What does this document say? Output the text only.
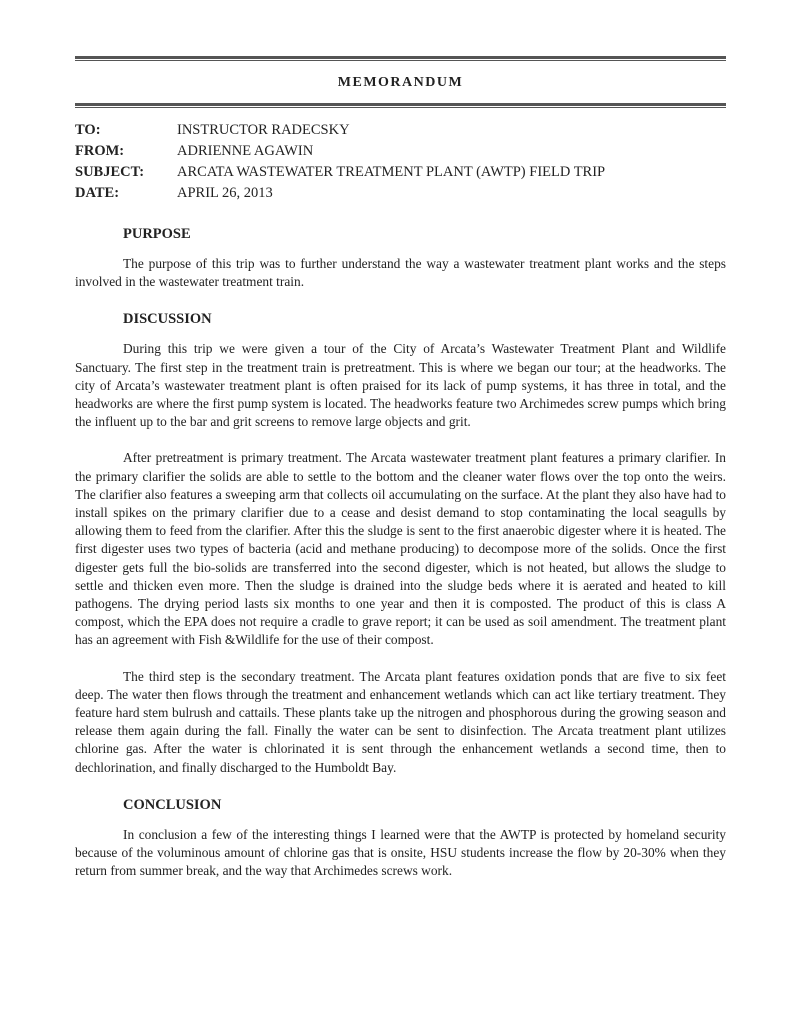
MEMORANDUM
TO:	INSTRUCTOR RADECSKY
FROM:	ADRIENNE AGAWIN
SUBJECT:	ARCATA WASTEWATER TREATMENT PLANT (AWTP) FIELD TRIP
DATE:	APRIL 26, 2013
PURPOSE

The purpose of this trip was to further understand the way a wastewater treatment plant works and the steps involved in the wastewater treatment train.

DISCUSSION

During this trip we were given a tour of the City of Arcata’s Wastewater Treatment Plant and Wildlife Sanctuary. The first step in the treatment train is pretreatment. This is where we began our tour; at the headworks. The city of Arcata’s wastewater treatment plant is often praised for its lack of pump systems, it has three in total, and the headworks are where the first pump system is located. The headworks feature two Archimedes screw pumps which bring the influent up to the bar and grit screens to remove large objects and grit.

After pretreatment is primary treatment. The Arcata wastewater treatment plant features a primary clarifier. In the primary clarifier the solids are able to settle to the bottom and the cleaner water flows over the top onto the weirs. The clarifier also features a sweeping arm that collects oil accumulating on the surface. At the plant they also have had to install spikes on the primary clarifier due to a cease and desist demand to stop contaminating the local seagulls by allowing them to feed from the clarifier. After this the sludge is sent to the first anaerobic digester where it is heated. The first digester uses two types of bacteria (acid and methane producing) to decompose more of the solids. Once the first digester gets full the bio-solids are transferred into the second digester, which is not heated, but allows the sludge to settle and thicken even more. Then the sludge is drained into the sludge beds where it is aerated and heated to kill pathogens. The drying period lasts six months to one year and then it is composted. The product of this is class A compost, which the EPA does not require a cradle to grave report; it can be used as soil amendment. The treatment plant has an agreement with Fish &Wildlife for the use of their compost.

The third step is the secondary treatment. The Arcata plant features oxidation ponds that are five to six feet deep. The water then flows through the treatment and enhancement wetlands which can act like tertiary treatment. They feature hard stem bulrush and cattails. These plants take up the nitrogen and phosphorous during the growing season and release them again during the fall. Finally the water can be sent to disinfection. The Arcata treatment plant utilizes chlorine gas. After the water is chlorinated it is sent through the enhancement wetlands a second time, then to dechlorination, and finally discharged to the Humboldt Bay.

CONCLUSION

In conclusion a few of the interesting things I learned were that the AWTP is protected by homeland security because of the voluminous amount of chlorine gas that is onsite, HSU students increase the flow by 20-30% when they return from summer break, and the way that Archimedes screws work.
